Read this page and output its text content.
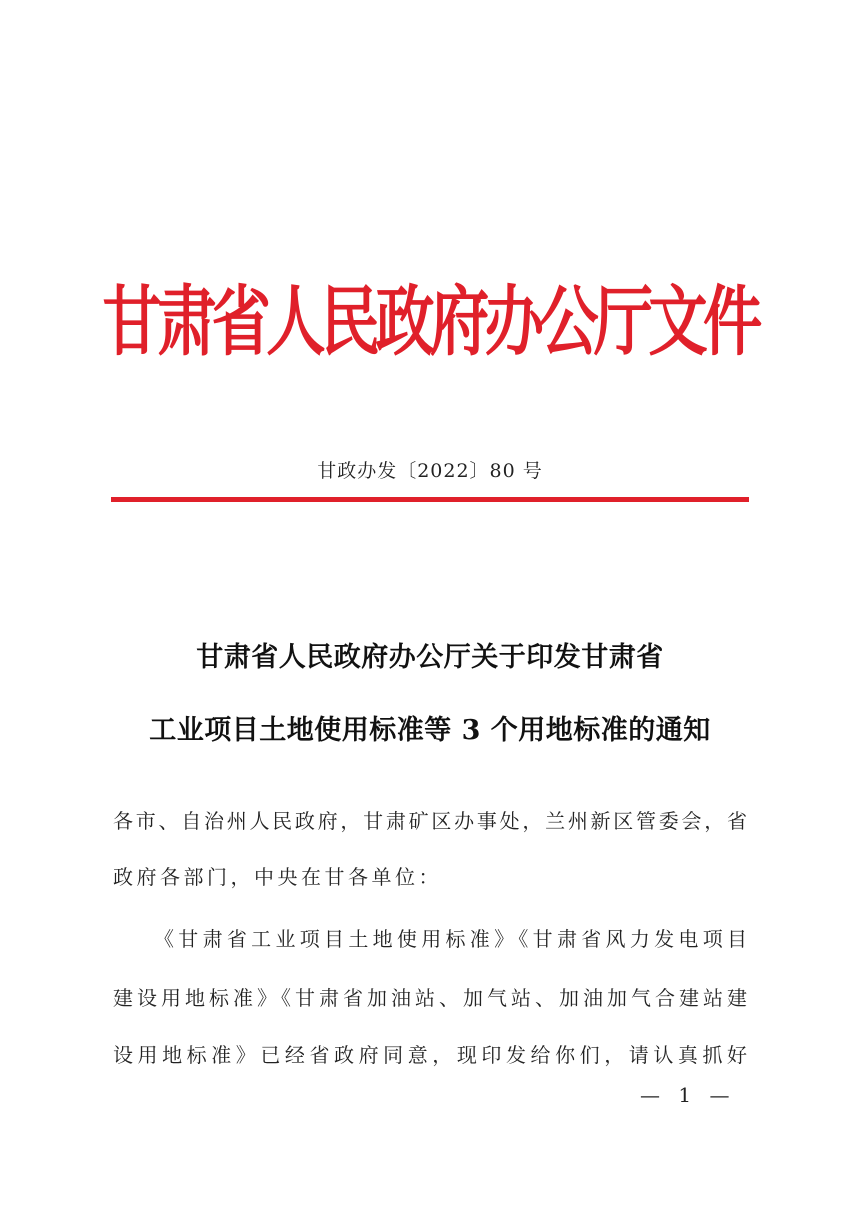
甘肃省人民政府办公厅文件
甘政办发〔2022〕80 号
甘肃省人民政府办公厅关于印发甘肃省
工业项目土地使用标准等 3 个用地标准的通知
各市、自治州人民政府，甘肃矿区办事处，兰州新区管委会，省
政府各部门，中央在甘各单位：
《甘肃省工业项目土地使用标准》《甘肃省风力发电项目
建设用地标准》《甘肃省加油站、加气站、加油加气合建站建
设用地标准》已经省政府同意，现印发给你们，请认真抓好
— 1 —
